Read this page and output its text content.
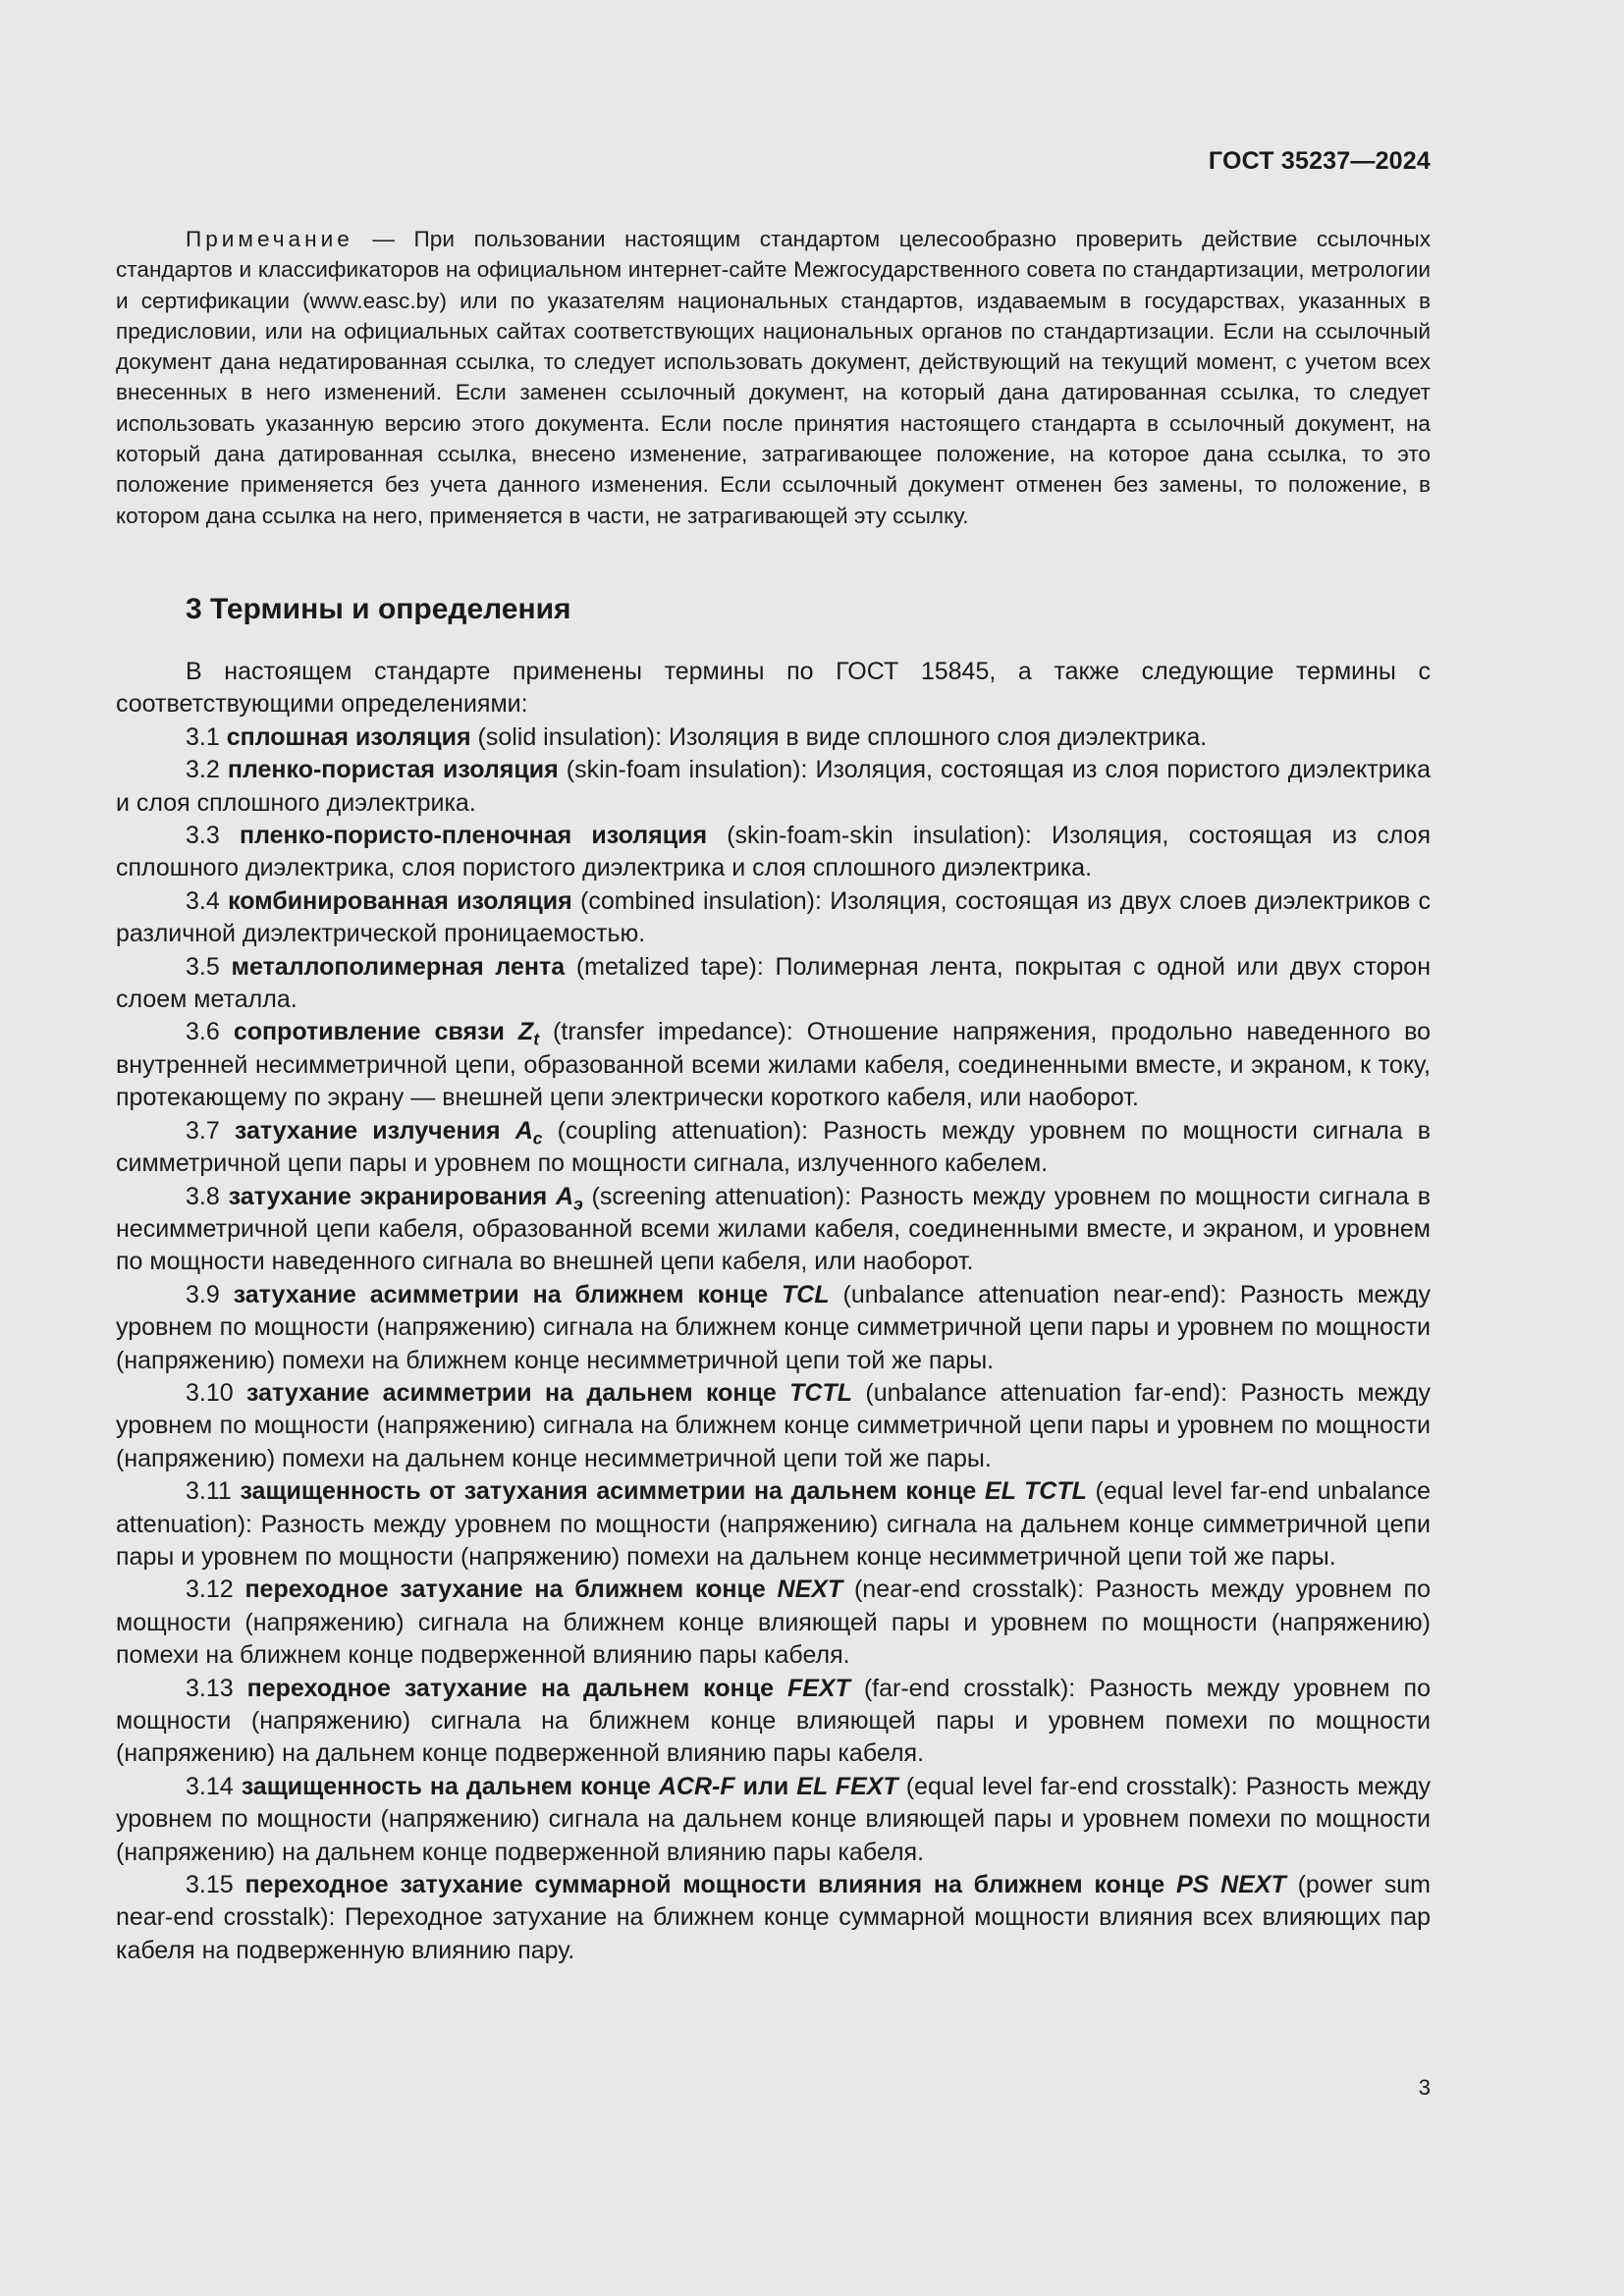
ГОСТ 35237—2024

Примечание — При пользовании настоящим стандартом целесообразно проверить действие ссылочных стандартов и классификаторов на официальном интернет-сайте Межгосударственного совета по стандартизации, метрологии и сертификации (www.easc.by) или по указателям национальных стандартов, издаваемым в государствах, указанных в предисловии, или на официальных сайтах соответствующих национальных органов по стандартизации. Если на ссылочный документ дана недатированная ссылка, то следует использовать документ, действующий на текущий момент, с учетом всех внесенных в него изменений. Если заменен ссылочный документ, на который дана датированная ссылка, то следует использовать указанную версию этого документа. Если после принятия настоящего стандарта в ссылочный документ, на который дана датированная ссылка, внесено изменение, затрагивающее положение, на которое дана ссылка, то это положение применяется без учета данного изменения. Если ссылочный документ отменен без замены, то положение, в котором дана ссылка на него, применяется в части, не затрагивающей эту ссылку.

3 Термины и определения

В настоящем стандарте применены термины по ГОСТ 15845, а также следующие термины с соответствующими определениями:

3.1 сплошная изоляция (solid insulation): Изоляция в виде сплошного слоя диэлектрика.

3.2 пленко-пористая изоляция (skin-foam insulation): Изоляция, состоящая из слоя пористого диэлектрика и слоя сплошного диэлектрика.

3.3 пленко-пористо-пленочная изоляция (skin-foam-skin insulation): Изоляция, состоящая из слоя сплошного диэлектрика, слоя пористого диэлектрика и слоя сплошного диэлектрика.

3.4 комбинированная изоляция (combined insulation): Изоляция, состоящая из двух слоев диэлектриков с различной диэлектрической проницаемостью.

3.5 металлополимерная лента (metalized tape): Полимерная лента, покрытая с одной или двух сторон слоем металла.

3.6 сопротивление связи $Z_t$ (transfer impedance): Отношение напряжения, продольно наведенного во внутренней несимметричной цепи, образованной всеми жилами кабеля, соединенными вместе, и экраном, к току, протекающему по экрану — внешней цепи электрически короткого кабеля, или наоборот.

3.7 затухание излучения $A_c$ (coupling attenuation): Разность между уровнем по мощности сигнала в симметричной цепи пары и уровнем по мощности сигнала, излученного кабелем.

3.8 затухание экранирования $A_э$ (screening attenuation): Разность между уровнем по мощности сигнала в несимметричной цепи кабеля, образованной всеми жилами кабеля, соединенными вместе, и экраном, и уровнем по мощности наведенного сигнала во внешней цепи кабеля, или наоборот.

3.9 затухание асимметрии на ближнем конце TCL (unbalance attenuation near-end): Разность между уровнем по мощности (напряжению) сигнала на ближнем конце симметричной цепи пары и уровнем по мощности (напряжению) помехи на ближнем конце несимметричной цепи той же пары.

3.10 затухание асимметрии на дальнем конце TCTL (unbalance attenuation far-end): Разность между уровнем по мощности (напряжению) сигнала на ближнем конце симметричной цепи пары и уровнем по мощности (напряжению) помехи на дальнем конце несимметричной цепи той же пары.

3.11 защищенность от затухания асимметрии на дальнем конце EL TCTL (equal level far-end unbalance attenuation): Разность между уровнем по мощности (напряжению) сигнала на дальнем конце симметричной цепи пары и уровнем по мощности (напряжению) помехи на дальнем конце несимметричной цепи той же пары.

3.12 переходное затухание на ближнем конце NEXT (near-end crosstalk): Разность между уровнем по мощности (напряжению) сигнала на ближнем конце влияющей пары и уровнем по мощности (напряжению) помехи на ближнем конце подверженной влиянию пары кабеля.

3.13 переходное затухание на дальнем конце FEXT (far-end crosstalk): Разность между уровнем по мощности (напряжению) сигнала на ближнем конце влияющей пары и уровнем помехи по мощности (напряжению) на дальнем конце подверженной влиянию пары кабеля.

3.14 защищенность на дальнем конце ACR-F или EL FEXT (equal level far-end crosstalk): Разность между уровнем по мощности (напряжению) сигнала на дальнем конце влияющей пары и уровнем помехи по мощности (напряжению) на дальнем конце подверженной влиянию пары кабеля.

3.15 переходное затухание суммарной мощности влияния на ближнем конце PS NEXT (power sum near-end crosstalk): Переходное затухание на ближнем конце суммарной мощности влияния всех влияющих пар кабеля на подверженную влиянию пару.

3
